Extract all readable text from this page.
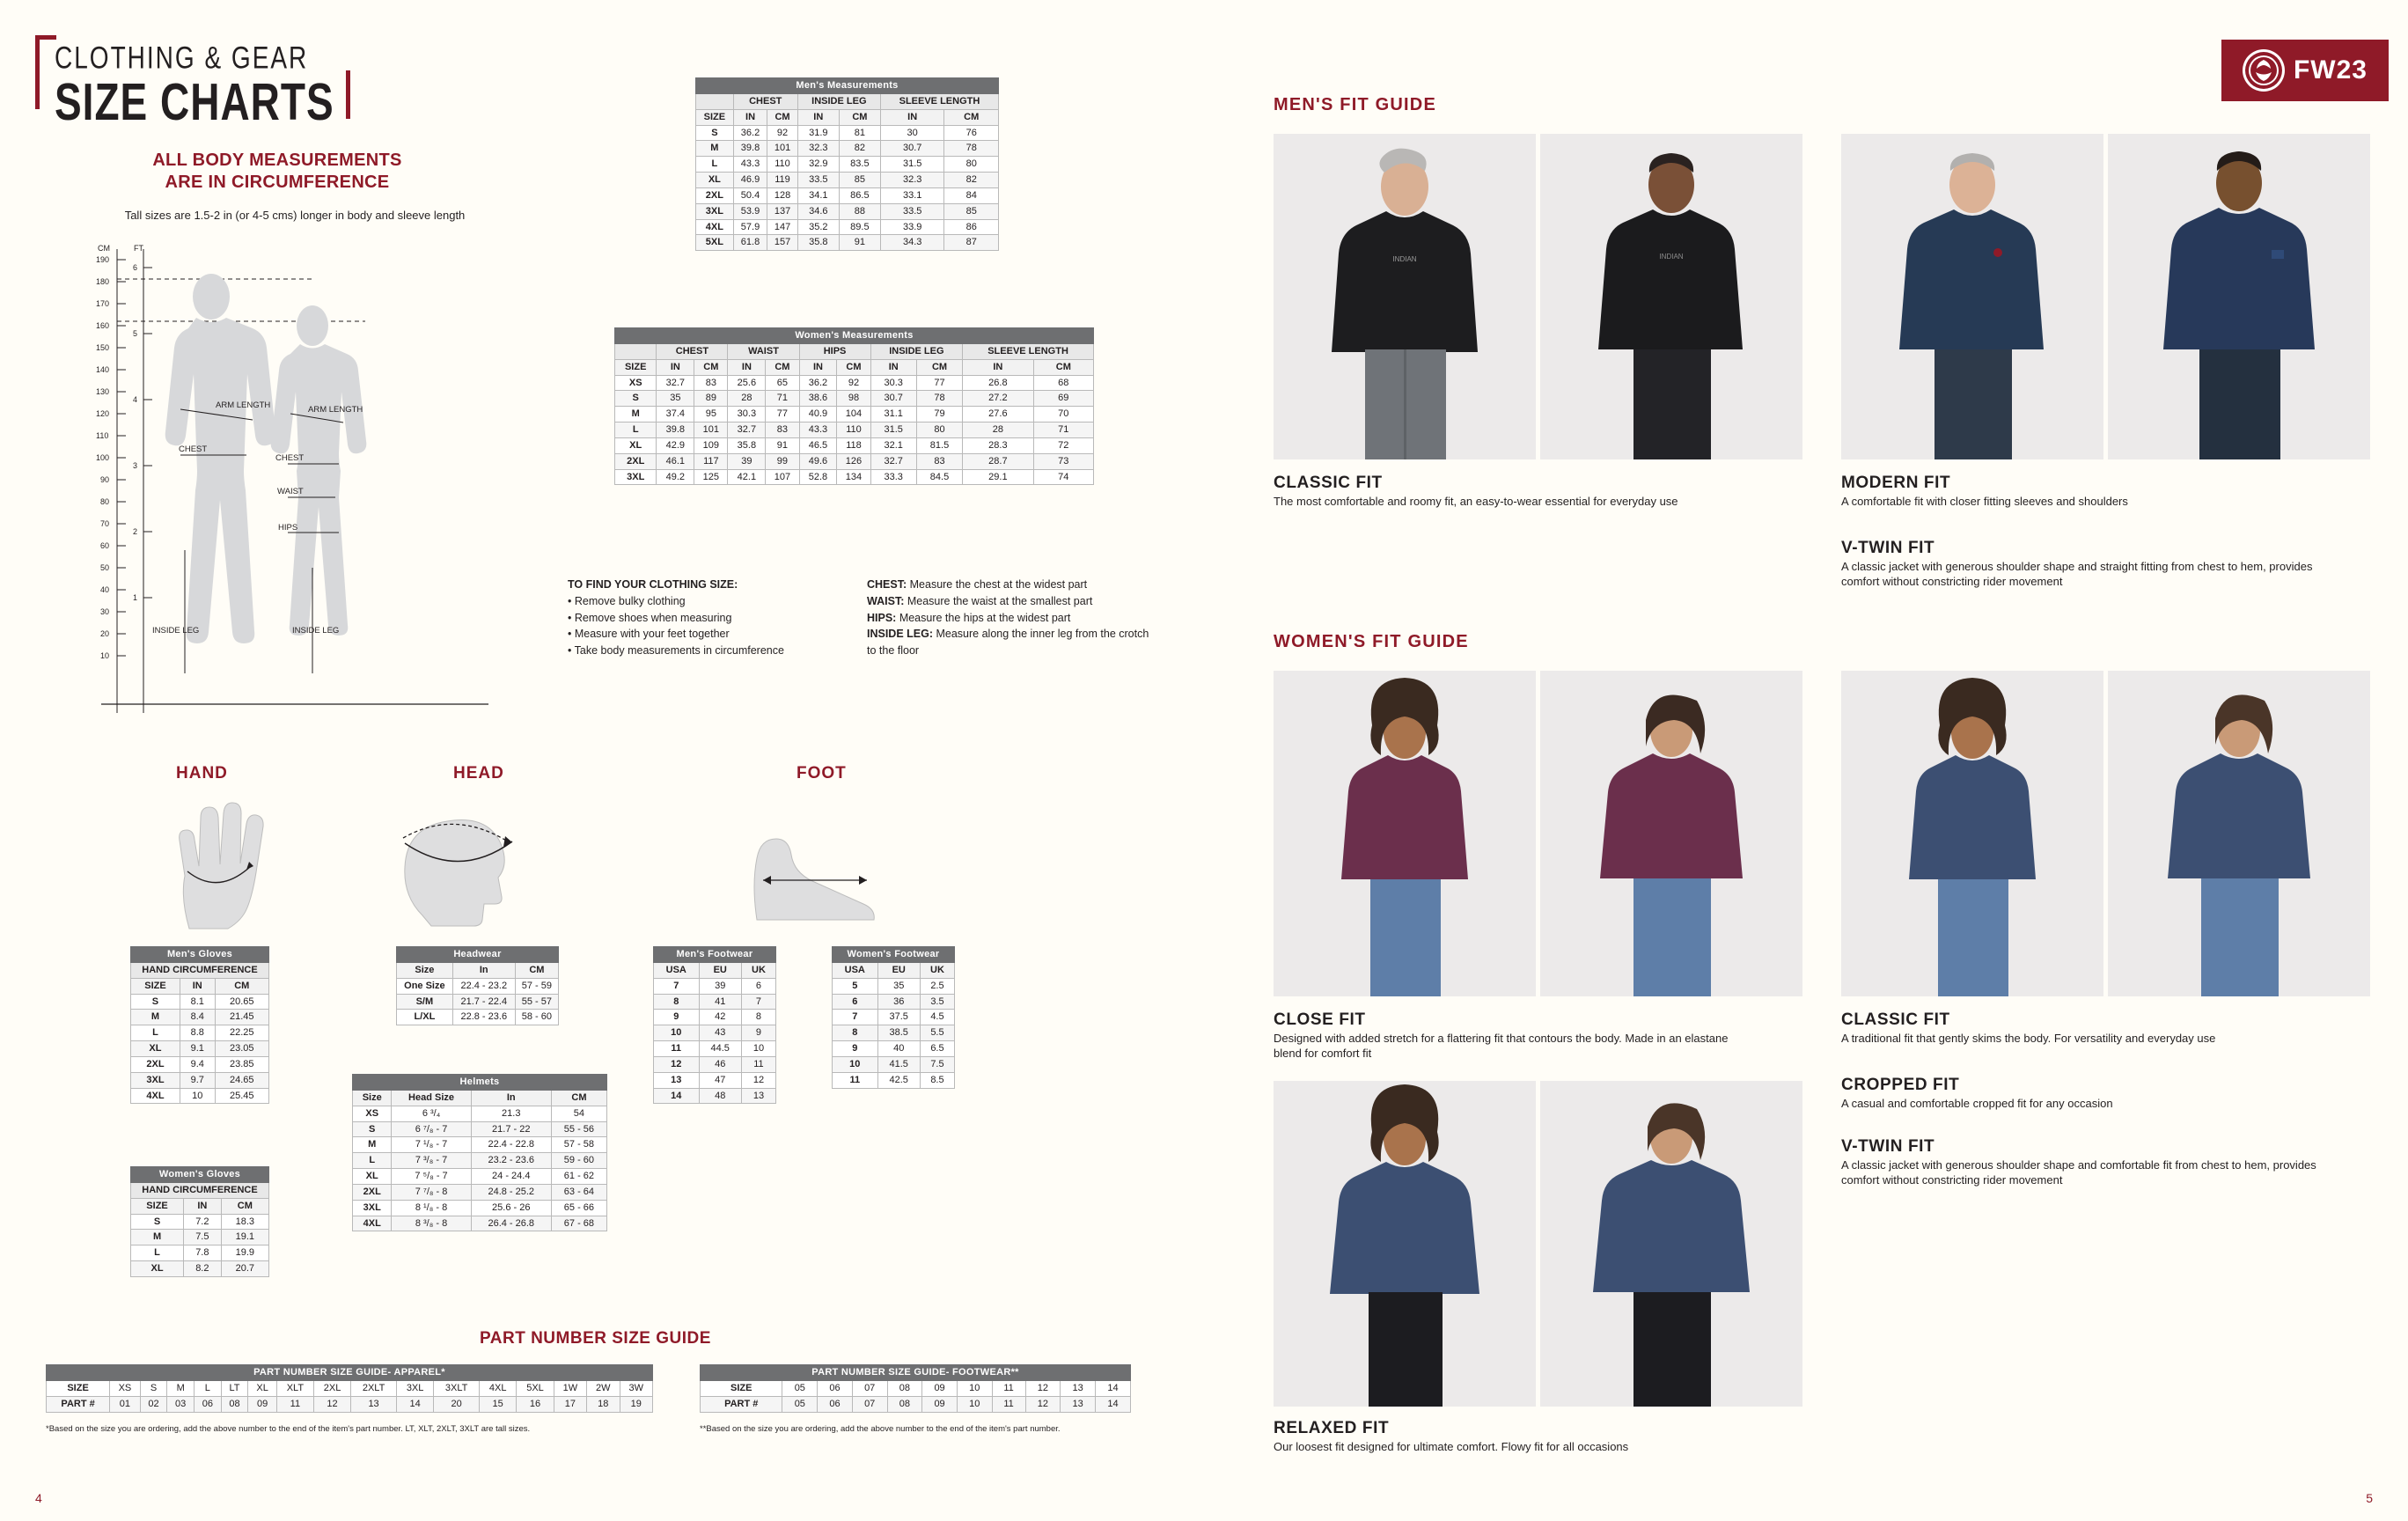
CLOTHING & GEAR
SIZE CHARTS
ALL BODY MEASUREMENTS
ARE IN CIRCUMFERENCE
Tall sizes are 1.5-2 in (or 4-5 cms) longer in body and sleeve length
CM	FT
190
180
170
160
150
140
130
120
110
100
90
80
70
60
50
40
30
20
10
6
5
4
3
2
1
ARM LENGTH	ARM LENGTH
CHEST
CHEST
WAIST
HIPS
INSIDE LEG	INSIDE LEG
Men's Measurements						
	CHEST		INSIDE LEG		SLEEVE LENGTH	
SIZE	IN	CM	IN	CM	IN	CM
S	36.2	92	31.9	81	30	76
M	39.8	101	32.3	82	30.7	78
L	43.3	110	32.9	83.5	31.5	80
XL	46.9	119	33.5	85	32.3	82
2XL	50.4	128	34.1	86.5	33.1	84
3XL	53.9	137	34.6	88	33.5	85
4XL	57.9	147	35.2	89.5	33.9	86
5XL	61.8	157	35.8	91	34.3	87
Women's Measurements										
	CHEST		WAIST		HIPS		INSIDE LEG		SLEEVE LENGTH	
SIZE	IN	CM	IN	CM	IN	CM	IN	CM	IN	CM
XS	32.7	83	25.6	65	36.2	92	30.3	77	26.8	68
S	35	89	28	71	38.6	98	30.7	78	27.2	69
M	37.4	95	30.3	77	40.9	104	31.1	79	27.6	70
L	39.8	101	32.7	83	43.3	110	31.5	80	28	71
XL	42.9	109	35.8	91	46.5	118	32.1	81.5	28.3	72
2XL	46.1	117	39	99	49.6	126	32.7	83	28.7	73
3XL	49.2	125	42.1	107	52.8	134	33.3	84.5	29.1	74
TO FIND YOUR CLOTHING SIZE:
• Remove bulky clothing
• Remove shoes when measuring
• Measure with your feet together
• Take body measurements in circumference
CHEST: Measure the chest at the widest part
WAIST: Measure the waist at the smallest part
HIPS: Measure the hips at the widest part
INSIDE LEG: Measure along the inner leg from the crotch to the floor
HAND	HEAD	FOOT
Men's Gloves		
HAND CIRCUMFERENCE		
SIZE	IN	CM
S	8.1	20.65
M	8.4	21.45
L	8.8	22.25
XL	9.1	23.05
2XL	9.4	23.85
3XL	9.7	24.65
4XL	10	25.45
Women's Gloves		
HAND CIRCUMFERENCE		
SIZE	IN	CM
S	7.2	18.3
M	7.5	19.1
L	7.8	19.9
XL	8.2	20.7
Headwear		
Size	In	CM
One Size	22.4 - 23.2	57 - 59
S/M	21.7 - 22.4	55 - 57
L/XL	22.8 - 23.6	58 - 60
Helmets			
Size	Head Size	In	CM
XS	6 ³/₄	21.3	54
S	6 ⁷/₈ - 7	21.7 - 22	55 - 56
M	7 ¹/₈ - 7	22.4 - 22.8	57 - 58
L	7 ³/₈ - 7	23.2 - 23.6	59 - 60
XL	7 ⁵/₈ - 7	24 - 24.4	61 - 62
2XL	7 ⁷/₈ - 8	24.8 - 25.2	63 - 64
3XL	8 ¹/₈ - 8	25.6 - 26	65 - 66
4XL	8 ³/₈ - 8	26.4 - 26.8	67 - 68
Men's Footwear		
USA	EU	UK
7	39	6
8	41	7
9	42	8
10	43	9
11	44.5	10
12	46	11
13	47	12
14	48	13
Women's Footwear		
USA	EU	UK
5	35	2.5
6	36	3.5
7	37.5	4.5
8	38.5	5.5
9	40	6.5
10	41.5	7.5
11	42.5	8.5
PART NUMBER SIZE GUIDE
PART NUMBER SIZE GUIDE- APPAREL*																
SIZE	XS	S	M	L	LT	XL	XLT	2XL	2XLT	3XL	3XLT	4XL	5XL	1W	2W	3W
PART #	01	02	03	06	08	09	11	12	13	14	20	15	16	17	18	19
PART NUMBER SIZE GUIDE- FOOTWEAR**										
SIZE	05	06	07	08	09	10	11	12	13	14
PART #	05	06	07	08	09	10	11	12	13	14
*Based on the size you are ordering, add the above number to the end of the item's part number. LT, XLT, 2XLT, 3XLT are tall sizes.	**Based on the size you are ordering, add the above number to the end of the item's part number.
4
FW23
MEN'S FIT GUIDE
INDIAN	INDIAN
CLASSIC FIT
The most comfortable and roomy fit, an easy-to-wear essential for everyday use
MODERN FIT
A comfortable fit with closer fitting sleeves and shoulders
V-TWIN FIT
A classic jacket with generous shoulder shape and straight fitting from chest to hem, provides comfort without constricting rider movement
WOMEN'S FIT GUIDE
CLOSE FIT
Designed with added stretch for a flattering fit that contours the body. Made in an elastane blend for comfort fit
CLASSIC FIT
A traditional fit that gently skims the body. For versatility and everyday use
CROPPED FIT
A casual and comfortable cropped fit for any occasion
V-TWIN FIT
A classic jacket with generous shoulder shape and comfortable fit from chest to hem, provides comfort without constricting rider movement
RELAXED FIT
Our loosest fit designed for ultimate comfort. Flowy fit for all occasions
5
